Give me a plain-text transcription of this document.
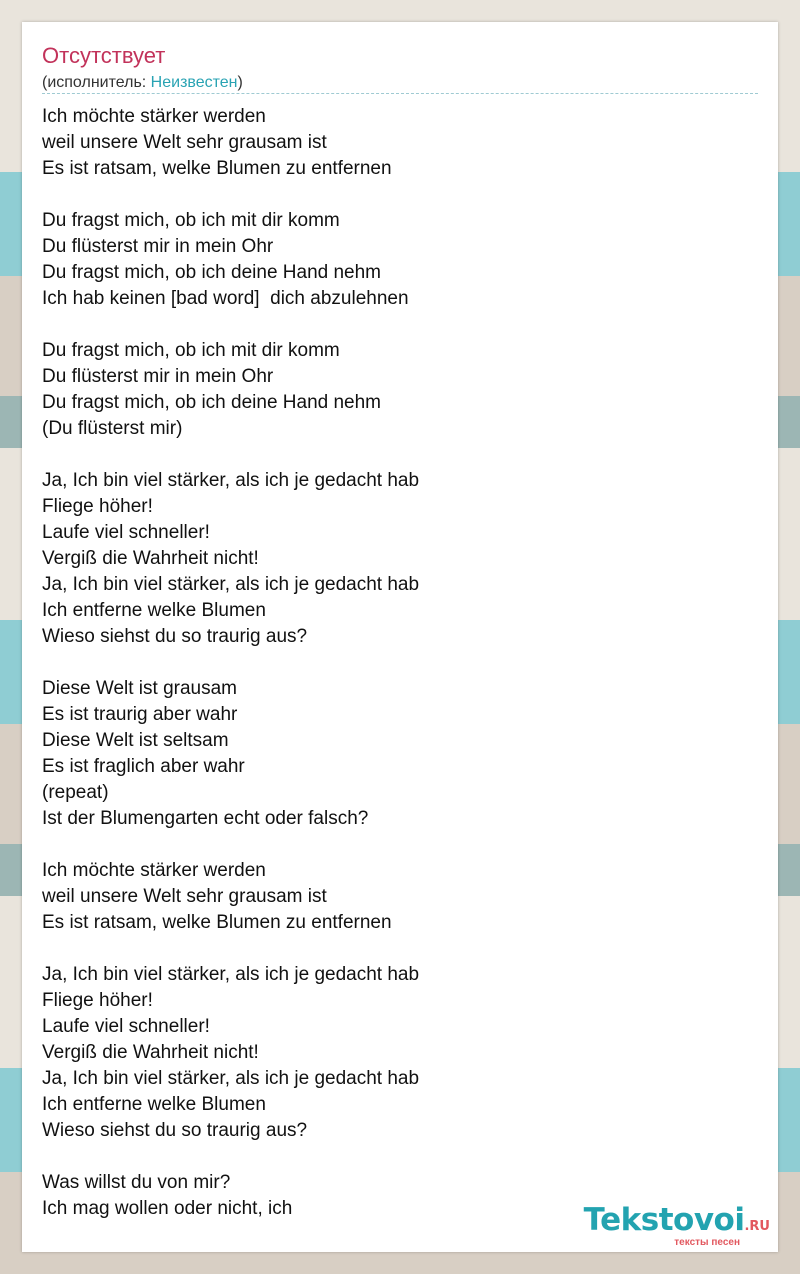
Отсутствует
(исполнитель: Неизвестен)
Ich möchte stärker werden
weil unsere Welt sehr grausam ist
Es ist ratsam, welke Blumen zu entfernen
Du fragst mich, ob ich mit dir komm
Du flüsterst mir in mein Ohr
Du fragst mich, ob ich deine Hand nehm
Ich hab keinen [bad word]  dich abzulehnen
Du fragst mich, ob ich mit dir komm
Du flüsterst mir in mein Ohr
Du fragst mich, ob ich deine Hand nehm
(Du flüsterst mir)
Ja, Ich bin viel stärker, als ich je gedacht hab
Fliege höher!
Laufe viel schneller!
Vergiß die Wahrheit nicht!
Ja, Ich bin viel stärker, als ich je gedacht hab
Ich entferne welke Blumen
Wieso siehst du so traurig aus?
Diese Welt ist grausam
Es ist traurig aber wahr
Diese Welt ist seltsam
Es ist fraglich aber wahr
(repeat)
Ist der Blumengarten echt oder falsch?
Ich möchte stärker werden
weil unsere Welt sehr grausam ist
Es ist ratsam, welke Blumen zu entfernen
Ja, Ich bin viel stärker, als ich je gedacht hab
Fliege höher!
Laufe viel schneller!
Vergiß die Wahrheit nicht!
Ja, Ich bin viel stärker, als ich je gedacht hab
Ich entferne welke Blumen
Wieso siehst du so traurig aus?
Was willst du von mir?
Ich mag wollen oder nicht, ich	Tekstovoi.RU
тексты песен
